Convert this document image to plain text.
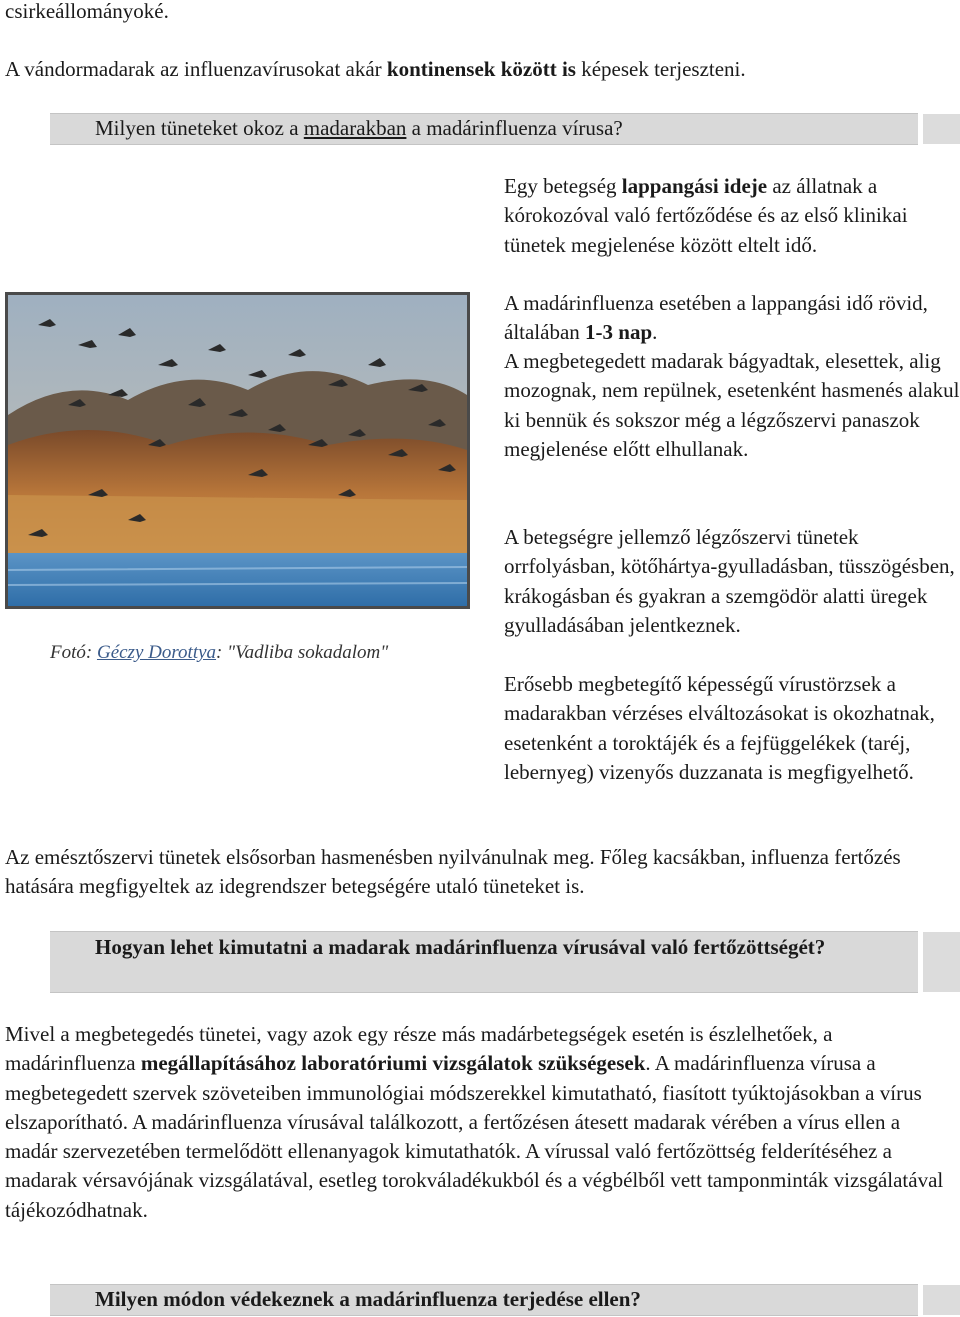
csirkeállományoké.

A vándormadarak az influenzavírusokat akár kontinensek között is képesek terjeszteni.

Milyen tüneteket okoz a madarakban a madárinfluenza vírusa?

Fotó: Géczy Dorottya: "Vadliba sokadalom"

Egy betegség lappangási ideje az állatnak a kórokozóval való fertőződése és az első klinikai tünetek megjelenése között eltelt idő.

A madárinfluenza esetében a lappangási idő rövid, általában 1-3 nap.

A megbetegedett madarak bágyadtak, elesettek, alig mozognak, nem repülnek, esetenként hasmenés alakul ki bennük és sokszor még a légzőszervi panaszok megjelenése előtt elhullanak.

A betegségre jellemző légzőszervi tünetek orrfolyásban, kötőhártya-gyulladásban, tüsszögésben, krákogásban és gyakran a szemgödör alatti üregek gyulladásában jelentkeznek.

Erősebb megbetegítő képességű vírustörzsek a madarakban vérzéses elváltozásokat is okozhatnak, esetenként a toroktájék és a fejfüggelékek (taréj, lebernyeg) vizenyős duzzanata is megfigyelhető.

Az emésztőszervi tünetek elsősorban hasmenésben nyilvánulnak meg. Főleg kacsákban, influenza fertőzés hatására megfigyeltek az idegrendszer betegségére utaló tüneteket is.

Hogyan lehet kimutatni a madarak madárinfluenza vírusával való fertőzöttségét?

Mivel a megbetegedés tünetei, vagy azok egy része más madárbetegségek esetén is észlelhetőek, a madárinfluenza megállapításához laboratóriumi vizsgálatok szükségesek. A madárinfluenza vírusa a megbetegedett szervek szöveteiben immunológiai módszerekkel kimutatható, fiasított tyúktojásokban a vírus elszaporítható. A madárinfluenza vírusával találkozott, a fertőzésen átesett madarak vérében a vírus ellen a madár szervezetében termelődött ellenanyagok kimutathatók. A vírussal való fertőzöttség felderítéséhez a madarak vérsavójának vizsgálatával, esetleg torokváladékukból és a végbélből vett tamponminták vizsgálatával tájékozódhatnak.

Milyen módon védekeznek a madárinfluenza terjedése ellen?
